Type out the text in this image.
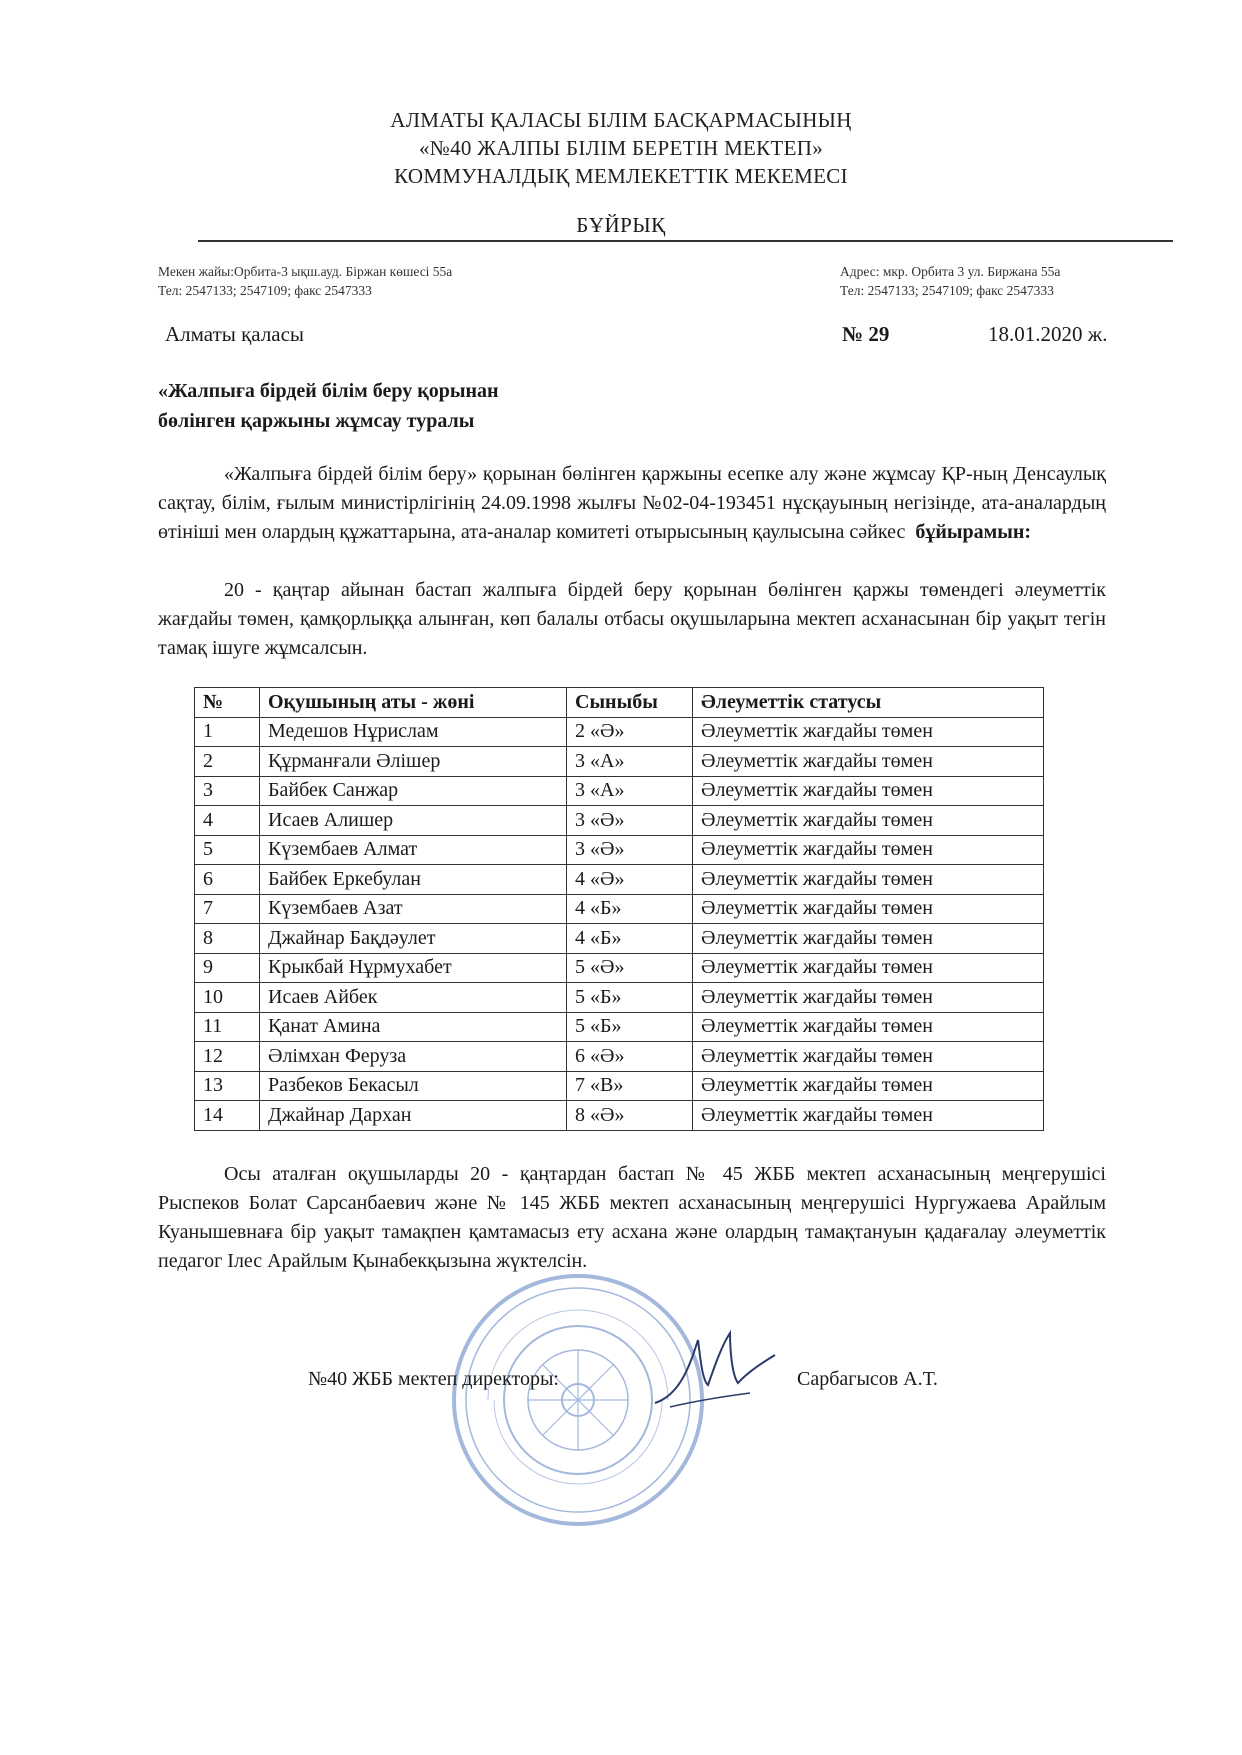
АЛМАТЫ ҚАЛАСЫ БІЛІМ БАСҚАРМАСЫНЫҢ
«№40 ЖАЛПЫ БІЛІМ БЕРЕТІН МЕКТЕП»
КОММУНАЛДЫҚ МЕМЛЕКЕТТІК МЕКЕМЕСІ
БҰЙРЫҚ
Мекен жайы:Орбита-3 ықш.ауд. Біржан көшесі 55а
Тел: 2547133; 2547109; факс 2547333
Адрес: мкр. Орбита 3 ул. Биржана 55а
Тел: 2547133; 2547109; факс 2547333
Алматы қаласы	№ 29	18.01.2020 ж.
«Жалпыға бірдей білім беру қорынан
бөлінген қаржыны жұмсау туралы
«Жалпыға бірдей білім беру» қорынан бөлінген қаржыны есепке алу және жұмсау ҚР-ның Денсаулық сақтау, білім, ғылым министірлігінің 24.09.1998 жылғы №02-04-193451 нұсқауының негізінде, ата-аналардың өтініші мен олардың құжаттарына, ата-аналар комитеті отырысының қаулысына сәйкес бұйырамын:
20 - қаңтар айынан бастап жалпыға бірдей беру қорынан бөлінген қаржы төмендегі әлеуметтік жағдайы төмен, қамқорлыққа алынған, көп балалы отбасы оқушыларына мектеп асханасынан бір уақыт тегін тамақ ішуге жұмсалсын.
№	Оқушының аты - жөні	Сыныбы	Әлеуметтік статусы
1	Медешов Нұрислам	2 «Ә»	Әлеуметтік жағдайы төмен
2	Құрманғали Әлішер	3 «А»	Әлеуметтік жағдайы төмен
3	Байбек Санжар	3 «А»	Әлеуметтік жағдайы төмен
4	Исаев Алишер	3 «Ә»	Әлеуметтік жағдайы төмен
5	Күзембаев Алмат	3 «Ә»	Әлеуметтік жағдайы төмен
6	Байбек Еркебулан	4 «Ә»	Әлеуметтік жағдайы төмен
7	Күзембаев Азат	4 «Б»	Әлеуметтік жағдайы төмен
8	Джайнар Бақдәулет	4 «Б»	Әлеуметтік жағдайы төмен
9	Крыкбай Нұрмухабет	5 «Ә»	Әлеуметтік жағдайы төмен
10	Исаев Айбек	5 «Б»	Әлеуметтік жағдайы төмен
11	Қанат Амина	5 «Б»	Әлеуметтік жағдайы төмен
12	Әлімхан Феруза	6 «Ә»	Әлеуметтік жағдайы төмен
13	Разбеков Бекасыл	7 «В»	Әлеуметтік жағдайы төмен
14	Джайнар Дархан	8 «Ә»	Әлеуметтік жағдайы төмен
Осы аталған оқушыларды 20 - қаңтардан бастап № 45 ЖББ мектеп асханасының меңгерушісі Рыспеков Болат Сарсанбаевич және № 145 ЖББ мектеп асханасының меңгерушісі Нургужаева Арайлым Куанышевнаға бір уақыт тамақпен қамтамасыз ету асхана және олардың тамақтануын қадағалау әлеуметтік педагог Ілес Арайлым Қынабекқызына жүктелсін.
№40 ЖББ мектеп директоры:	Сарбагысов А.Т.
